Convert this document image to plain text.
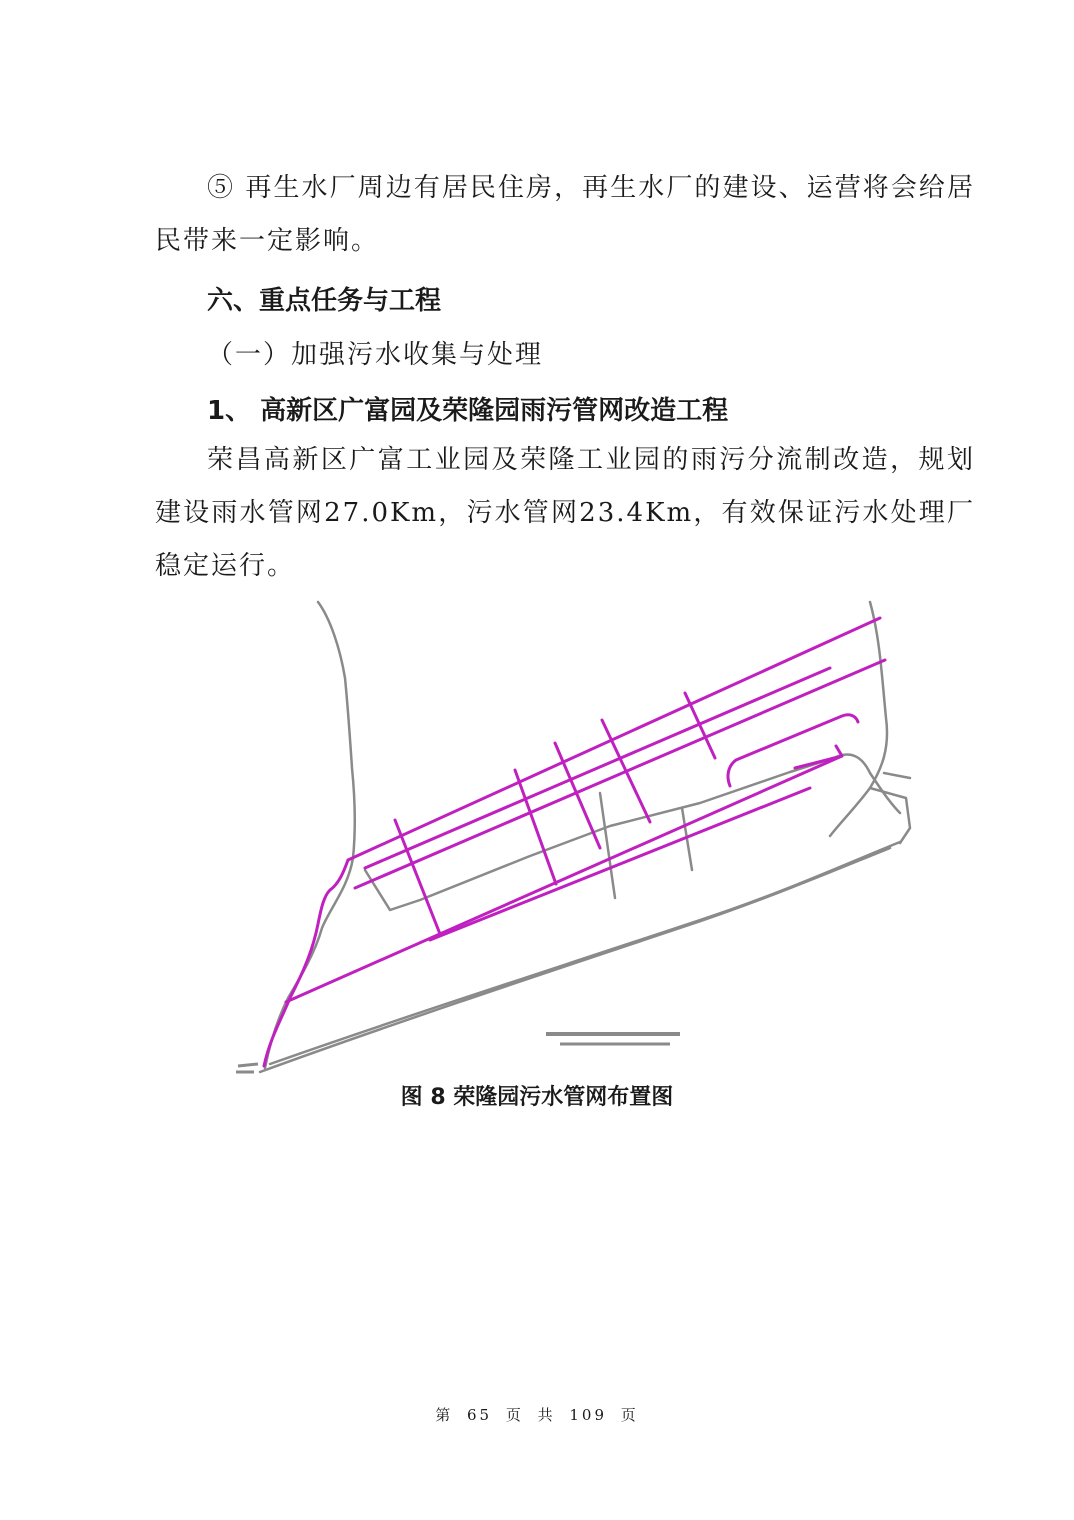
⑤ 再生水厂周边有居民住房，再生水厂的建设、运营将会给居民带来一定影响。

六、重点任务与工程

（一）加强污水收集与处理

1、 高新区广富园及荣隆园雨污管网改造工程

荣昌高新区广富工业园及荣隆工业园的雨污分流制改造，规划建设雨水管网27.0Km，污水管网23.4Km，有效保证污水处理厂稳定运行。

图 8 荣隆园污水管网布置图

第 65 页 共 109 页
